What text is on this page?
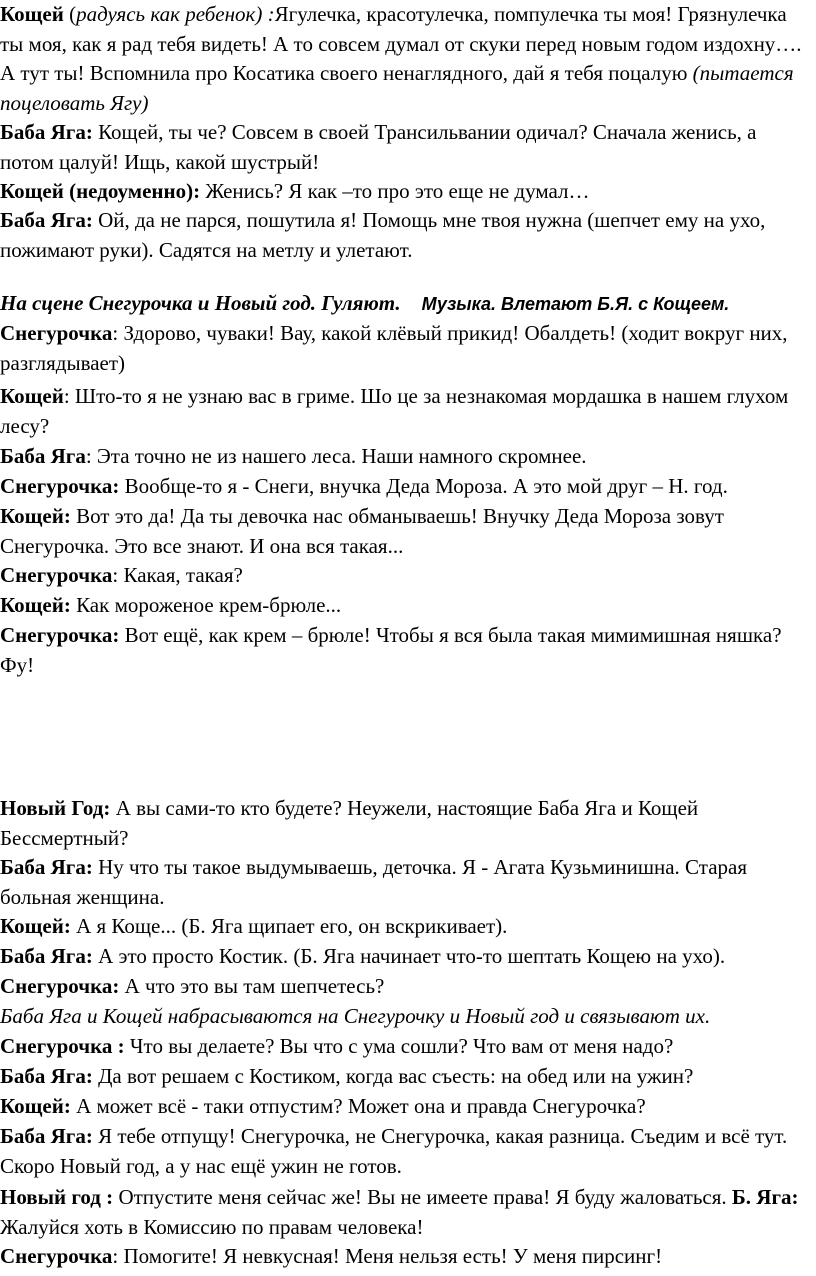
Кощей (радуясь как ребенок) :Ягулечка, красотулечка, помпулечка ты моя! Грязнулечка ты моя, как я рад тебя видеть! А то совсем думал от скуки перед новым годом издохну…. А тут ты! Вспомнила про Косатика своего ненаглядного, дай я тебя поцалую (пытается поцеловать Ягу)

Баба Яга: Кощей, ты че? Совсем в своей Трансильвании одичал? Сначала женись, а потом цалуй! Ищь, какой шустрый!

Кощей (недоуменно): Женись? Я как –то про это еще не думал…

Баба Яга: Ой, да не парся, пошутила я! Помощь мне твоя нужна (шепчет ему на ухо, пожимают руки). Садятся на метлу и улетают.

На сцене Снегурочка и Новый год. Гуляют. Музыка. Влетают Б.Я. с Кощеем.

Снегурочка: Здорово, чуваки! Вау, какой клёвый прикид! Обалдеть! (ходит вокруг них, разглядывает)

Кощей: Што-то я не узнаю вас в гриме. Шо це за незнакомая мордашка в нашем глухом лесу?

Баба Яга: Эта точно не из нашего леса. Наши намного скромнее.

Снегурочка: Вообще-то я - Снеги, внучка Деда Мороза. А это мой друг – Н. год.

Кощей: Вот это да! Да ты девочка нас обманываешь! Внучку Деда Мороза зовут Снегурочка. Это все знают. И она вся такая...

Снегурочка: Какая, такая?

Кощей: Как мороженое крем-брюле...

Снегурочка: Вот ещё, как крем – брюле! Чтобы я вся была такая мимимишная няшка? Фу!

Новый Год: А вы сами-то кто будете? Неужели, настоящие Баба Яга и Кощей Бессмертный?

Баба Яга: Ну что ты такое выдумываешь, деточка. Я - Агата Кузьминишна. Старая больная женщина.

Кощей: А я Коще... (Б. Яга щипает его, он вскрикивает).

Баба Яга: А это просто Костик. (Б. Яга начинает что-то шептать Кощею на ухо).

Снегурочка: А что это вы там шепчетесь?

Баба Яга и Кощей набрасываются на Снегурочку и Новый год и связывают их.

Снегурочка : Что вы делаете? Вы что с ума сошли? Что вам от меня надо?

Баба Яга: Да вот решаем с Костиком, когда вас съесть: на обед или на ужин?

Кощей: А может всё - таки отпустим? Может она и правда Снегурочка?

Баба Яга: Я тебе отпущу! Снегурочка, не Снегурочка, какая разница. Съедим и всё тут. Скоро Новый год, а у нас ещё ужин не готов.

Новый год : Отпустите меня сейчас же! Вы не имеете права! Я буду жаловаться. Б. Яга: Жалуйся хоть в Комиссию по правам человека!

Снегурочка: Помогите! Я невкусная! Меня нельзя есть! У меня пирсинг!
